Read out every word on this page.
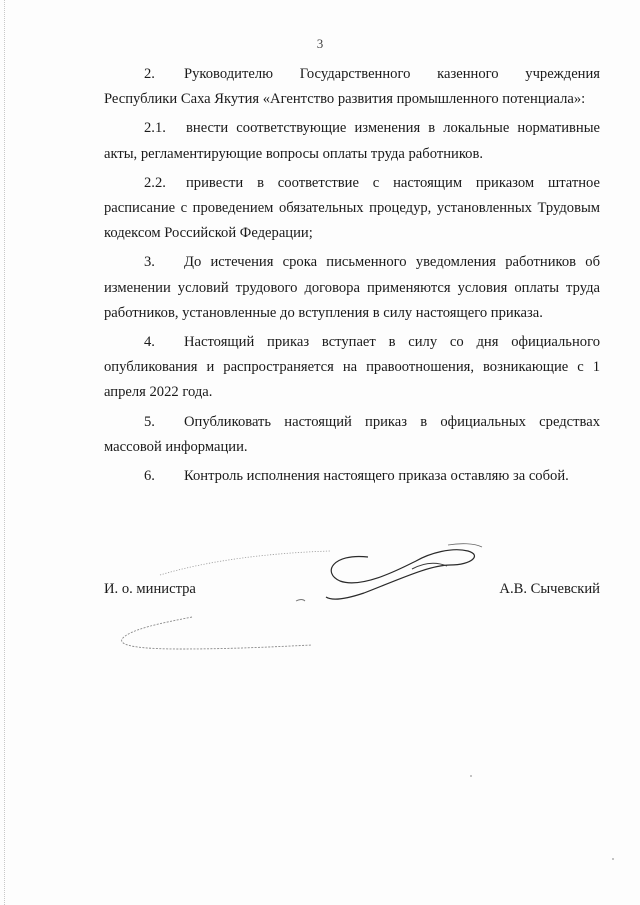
3

2. Руководителю Государственного казенного учреждения Республики Саха Якутия «Агентство развития промышленного потенциала»:

2.1. внести соответствующие изменения в локальные нормативные акты, регламентирующие вопросы оплаты труда работников.

2.2. привести в соответствие с настоящим приказом штатное расписание с проведением обязательных процедур, установленных Трудовым кодексом Российской Федерации;

3. До истечения срока письменного уведомления работников об изменении условий трудового договора применяются условия оплаты труда работников, установленные до вступления в силу настоящего приказа.

4. Настоящий приказ вступает в силу со дня официального опубликования и распространяется на правоотношения, возникающие с 1 апреля 2022 года.

5. Опубликовать настоящий приказ в официальных средствах массовой информации.

6. Контроль исполнения настоящего приказа оставляю за собой.

И. о. министра	А.В. Сычевский
